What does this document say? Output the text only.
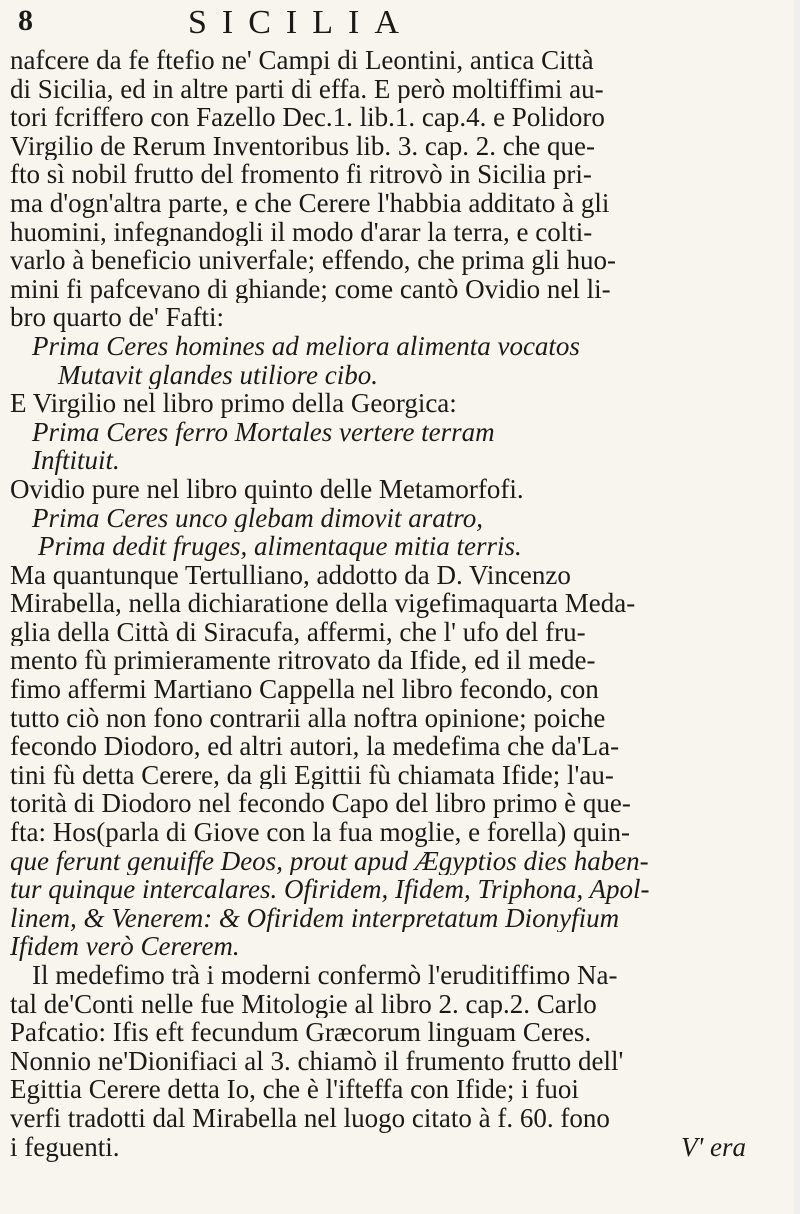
8	SICILIA
nafcere da fe ftefio ne' Campi di Leontini, antica Città
di Sicilia, ed in altre parti di effa. E però moltiffimi au-
tori fcriffero con Fazello Dec.1. lib.1. cap.4. e Polidoro
Virgilio de Rerum Inventoribus lib. 3. cap. 2. che que-
fto sì nobil frutto del fromento fi ritrovò in Sicilia pri-
ma d'ogn'altra parte, e che Cerere l'habbia additato à gli
huomini, infegnandogli il modo d'arar la terra, e colti-
varlo à beneficio univerfale; effendo, che prima gli huo-
mini fi pafcevano di ghiande; come cantò Ovidio nel li-
bro quarto de' Fafti:
Prima Ceres homines ad meliora alimenta vocatos
Mutavit glandes utiliore cibo.
E Virgilio nel libro primo della Georgica:
Prima Ceres ferro Mortales vertere terram
Inftituit.
Ovidio pure nel libro quinto delle Metamorfofi.
Prima Ceres unco glebam dimovit aratro,
Prima dedit fruges, alimentaque mitia terris.
Ma quantunque Tertulliano, addotto da D. Vincenzo
Mirabella, nella dichiaratione della vigefimaquarta Meda-
glia della Città di Siracufa, affermi, che l' ufo del fru-
mento fù primieramente ritrovato da Ifide, ed il mede-
fimo affermi Martiano Cappella nel libro fecondo, con
tutto ciò non fono contrarii alla noftra opinione; poiche
fecondo Diodoro, ed altri autori, la medefima che da'La-
tini fù detta Cerere, da gli Egittii fù chiamata Ifide; l'au-
torità di Diodoro nel fecondo Capo del libro primo è que-
fta: Hos(parla di Giove con la fua moglie, e forella) quin-
que ferunt genuiffe Deos, prout apud Ægyptios dies haben-
tur quinque intercalares. Ofiridem, Ifidem, Triphona, Apol-
linem, & Venerem: & Ofiridem interpretatum Dionyfium
Ifidem verò Cererem.
Il medefimo trà i moderni confermò l'eruditiffimo Na-
tal de'Conti nelle fue Mitologie al libro 2. cap.2. Carlo
Pafcatio: Ifis eft fecundum Græcorum linguam Ceres.
Nonnio ne'Dionifiaci al 3. chiamò il frumento frutto dell'
Egittia Cerere detta Io, che è l'ifteffa con Ifide; i fuoi
verfi tradotti dal Mirabella nel luogo citato à f. 60. fono
i feguenti.	V' era
